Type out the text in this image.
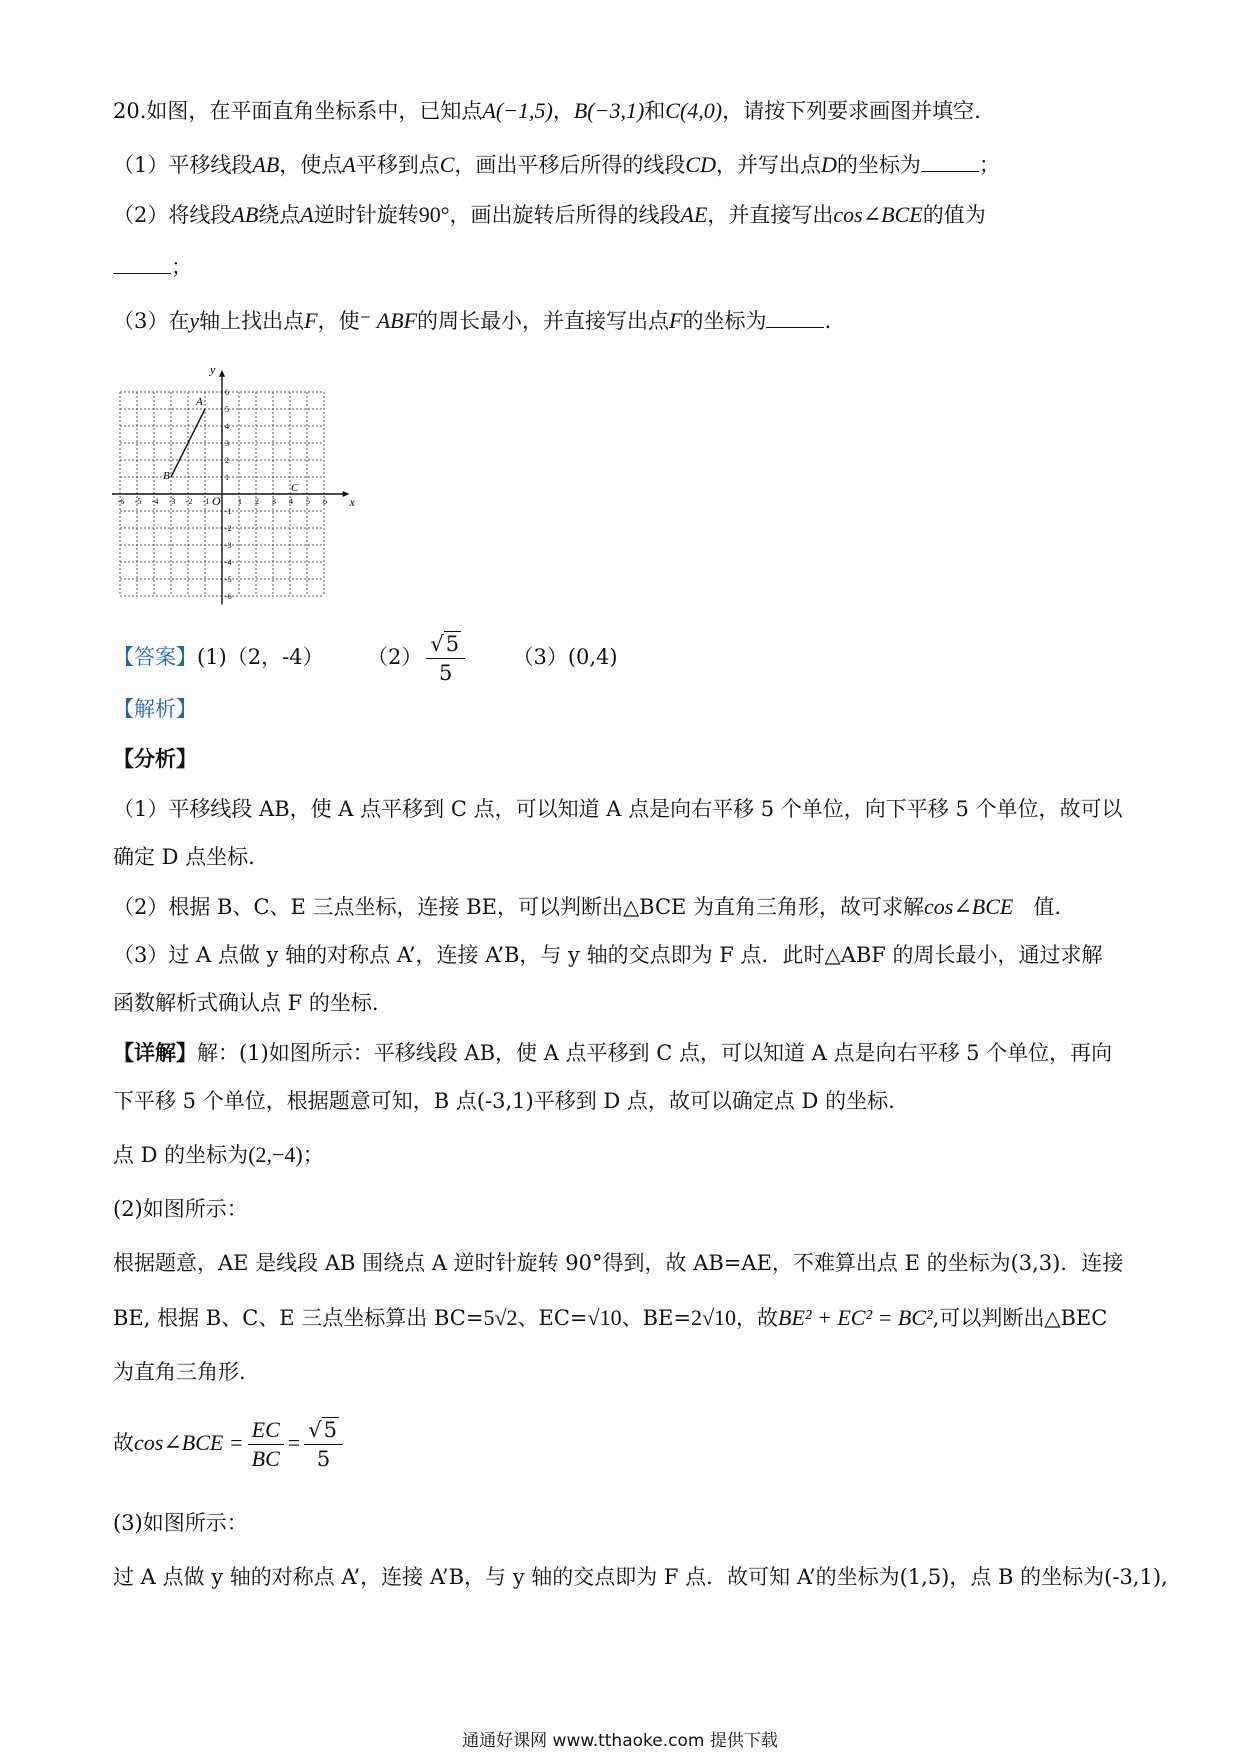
20.如图，在平面直角坐标系中，已知点A(−1,5)，B(−3,1)和C(4,0)，请按下列要求画图并填空.
（1）平移线段AB，使点A平移到点C，画出平移后所得的线段CD，并写出点D的坐标为	；
（2）将线段AB绕点A逆时针旋转90°，画出旋转后所得的线段AE，并直接写出cos∠BCE的值为
；
（3）在y轴上找出点F，使⁻ ABF的周长最小，并直接写出点F的坐标为	.
x
y
O
-6 -5 -4 -3 -2 -1	1 2 3 4 5 6
6
5
4
3
2
1
-1
-2
-3
-4
-5
-6
A
B
C
【答案】(1)（2，-4） $(2) \frac{√5}{5} (3)(0,4)$
【解析】
【分析】
（1）平移线段 AB，使 A 点平移到 C 点，可以知道 A 点是向右平移 5 个单位，向下平移 5 个单位，故可以
确定 D 点坐标.
（2）根据 B、C、E 三点坐标，连接 BE，可以判断出△BCE 为直角三角形，故可求解cos∠BCE 值.
（3）过 A 点做 y 轴的对称点 A’，连接 A’B，与 y 轴的交点即为 F 点．此时△ABF 的周长最小，通过求解
函数解析式确认点 F 的坐标.
【详解】解：(1)如图所示：平移线段 AB，使 A 点平移到 C 点，可以知道 A 点是向右平移 5 个单位，再向
下平移 5 个单位，根据题意可知，B 点(-3,1)平移到 D 点，故可以确定点 D 的坐标.
点 D 的坐标为(2,−4)；
(2)如图所示：
根据题意，AE 是线段 AB 围绕点 A 逆时针旋转 90°得到，故 AB=AE，不难算出点 E 的坐标为(3,3)．连接
BE, 根据 B、C、E 三点坐标算出 BC=5√2、EC=√10、BE=2√10，故BE² + EC² = BC²,可以判断出△BEC
为直角三角形.
故cos∠BCE = $\frac{EC}{BC} = \frac{√5}{5}$
(3)如图所示：
过 A 点做 y 轴的对称点 A’，连接 A’B，与 y 轴的交点即为 F 点．故可知 A’的坐标为(1,5)，点 B 的坐标为(-3,1),
通通好课网 www.tthaoke.com 提供下载
